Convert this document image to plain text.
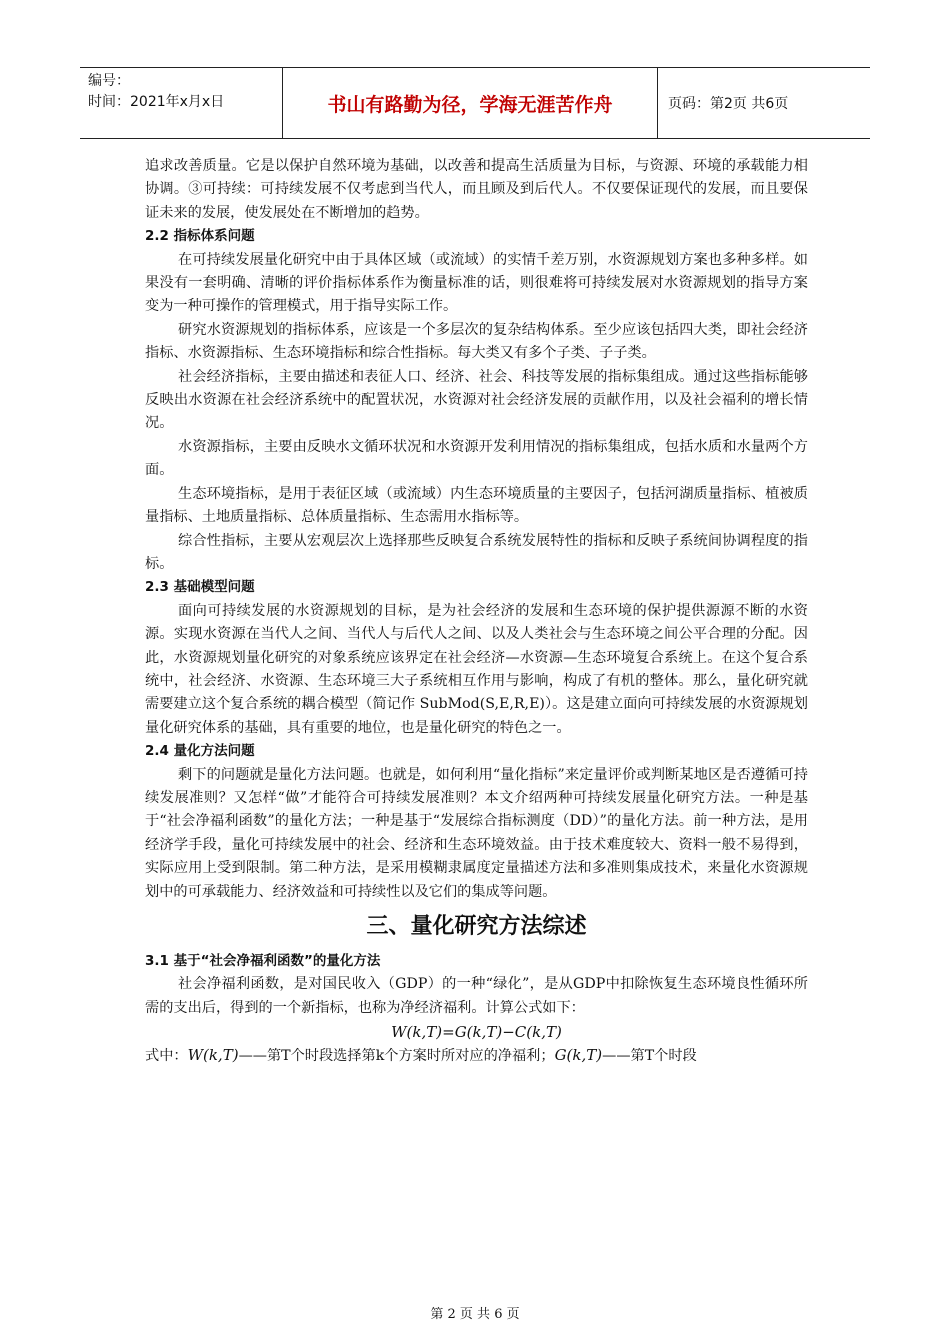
编号：
时间：2021年x月x日	书山有路勤为径，学海无涯苦作舟	页码：第2页 共6页

追求改善质量。它是以保护自然环境为基础，以改善和提高生活质量为目标，与资源、环境的承载能力相协调。③可持续：可持续发展不仅考虑到当代人，而且顾及到后代人。不仅要保证现代的发展，而且要保证未来的发展，使发展处在不断增加的趋势。

2.2 指标体系问题

在可持续发展量化研究中由于具体区域（或流域）的实情千差万别，水资源规划方案也多种多样。如果没有一套明确、清晰的评价指标体系作为衡量标准的话，则很难将可持续发展对水资源规划的指导方案变为一种可操作的管理模式，用于指导实际工作。

研究水资源规划的指标体系，应该是一个多层次的复杂结构体系。至少应该包括四大类，即社会经济指标、水资源指标、生态环境指标和综合性指标。每大类又有多个子类、子子类。

社会经济指标，主要由描述和表征人口、经济、社会、科技等发展的指标集组成。通过这些指标能够反映出水资源在社会经济系统中的配置状况，水资源对社会经济发展的贡献作用，以及社会福利的增长情况。

水资源指标，主要由反映水文循环状况和水资源开发利用情况的指标集组成，包括水质和水量两个方面。

生态环境指标，是用于表征区域（或流域）内生态环境质量的主要因子，包括河湖质量指标、植被质量指标、土地质量指标、总体质量指标、生态需用水指标等。

综合性指标，主要从宏观层次上选择那些反映复合系统发展特性的指标和反映子系统间协调程度的指标。

2.3 基础模型问题

面向可持续发展的水资源规划的目标，是为社会经济的发展和生态环境的保护提供源源不断的水资源。实现水资源在当代人之间、当代人与后代人之间、以及人类社会与生态环境之间公平合理的分配。因此，水资源规划量化研究的对象系统应该界定在社会经济—水资源—生态环境复合系统上。在这个复合系统中，社会经济、水资源、生态环境三大子系统相互作用与影响，构成了有机的整体。那么，量化研究就需要建立这个复合系统的耦合模型（简记作 SubMod(S,E,R,E)）。这是建立面向可持续发展的水资源规划量化研究体系的基础，具有重要的地位，也是量化研究的特色之一。

2.4 量化方法问题

剩下的问题就是量化方法问题。也就是，如何利用“量化指标”来定量评价或判断某地区是否遵循可持续发展准则？又怎样“做”才能符合可持续发展准则？本文介绍两种可持续发展量化研究方法。一种是基于“社会净福利函数”的量化方法；一种是基于“发展综合指标测度（DD）”的量化方法。前一种方法，是用经济学手段，量化可持续发展中的社会、经济和生态环境效益。由于技术难度较大、资料一般不易得到，实际应用上受到限制。第二种方法，是采用模糊隶属度定量描述方法和多准则集成技术，来量化水资源规划中的可承载能力、经济效益和可持续性以及它们的集成等问题。

三、量化研究方法综述

3.1 基于“社会净福利函数”的量化方法

社会净福利函数，是对国民收入（GDP）的一种“绿化”，是从GDP中扣除恢复生态环境良性循环所需的支出后，得到的一个新指标，也称为净经济福利。计算公式如下：

W(k,T)=G(k,T)−C(k,T)

式中：W(k,T)——第T个时段选择第k个方案时所对应的净福利；G(k,T)——第T个时段

第 2 页 共 6 页
